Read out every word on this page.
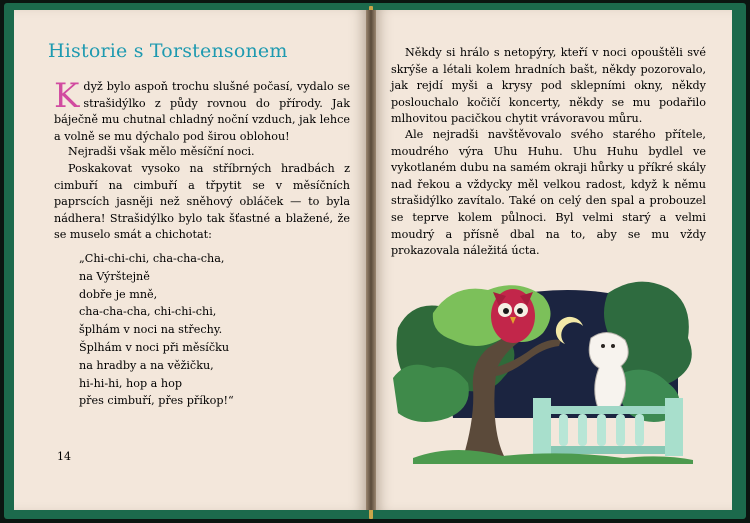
Historie s Torstensonem
Když bylo aspoň trochu slušné počasí, vydalo se strašidýlko z půdy rovnou do přírody. Jak báječně mu chutnal chladný noční vzduch, jak lehce a volně se mu dýchalo pod širou oblohou!
Nejradši však mělo měsíční noci.
Poskakovat vysoko na stříbrných hradbách z cimbuří na cimbuří a třpytit se v měsíčních paprscích jasněji než sněhový obláček — to byla nádhera! Strašidýlko bylo tak šťastné a blažené, že se muselo smát a chichotat:
„Chi-chi-chi, cha-cha-cha,
na Výrštejně
dobře je mně,
cha-cha-cha, chi-chi-chi,
šplhám v noci na střechy.
Šplhám v noci při měsíčku
na hradby a na věžičku,
hi-hi-hi, hop a hop
přes cimbuří, přes příkop!“
14
Někdy si hrálo s netopýry, kteří v noci opouštěli své skrýše a létali kolem hradních bašt, někdy pozorovalo, jak rejdí myši a krysy pod sklepními okny, někdy poslouchalo kočičí koncerty, někdy se mu podařilo mlhovitou pacičkou chytit vrávoravou můru.
Ale nejradši navštěvovalo svého starého přítele, moudrého výra Uhu Huhu. Uhu Huhu bydlel ve vykotlaném dubu na samém okraji hůrky u příkré skály nad řekou a vždycky měl velkou radost, když k němu strašidýlko zavítalo. Také on celý den spal a probouzel se teprve kolem půlnoci. Byl velmi starý a velmi moudrý a přísně dbal na to, aby se mu vždy prokazovala náležitá úcta.
